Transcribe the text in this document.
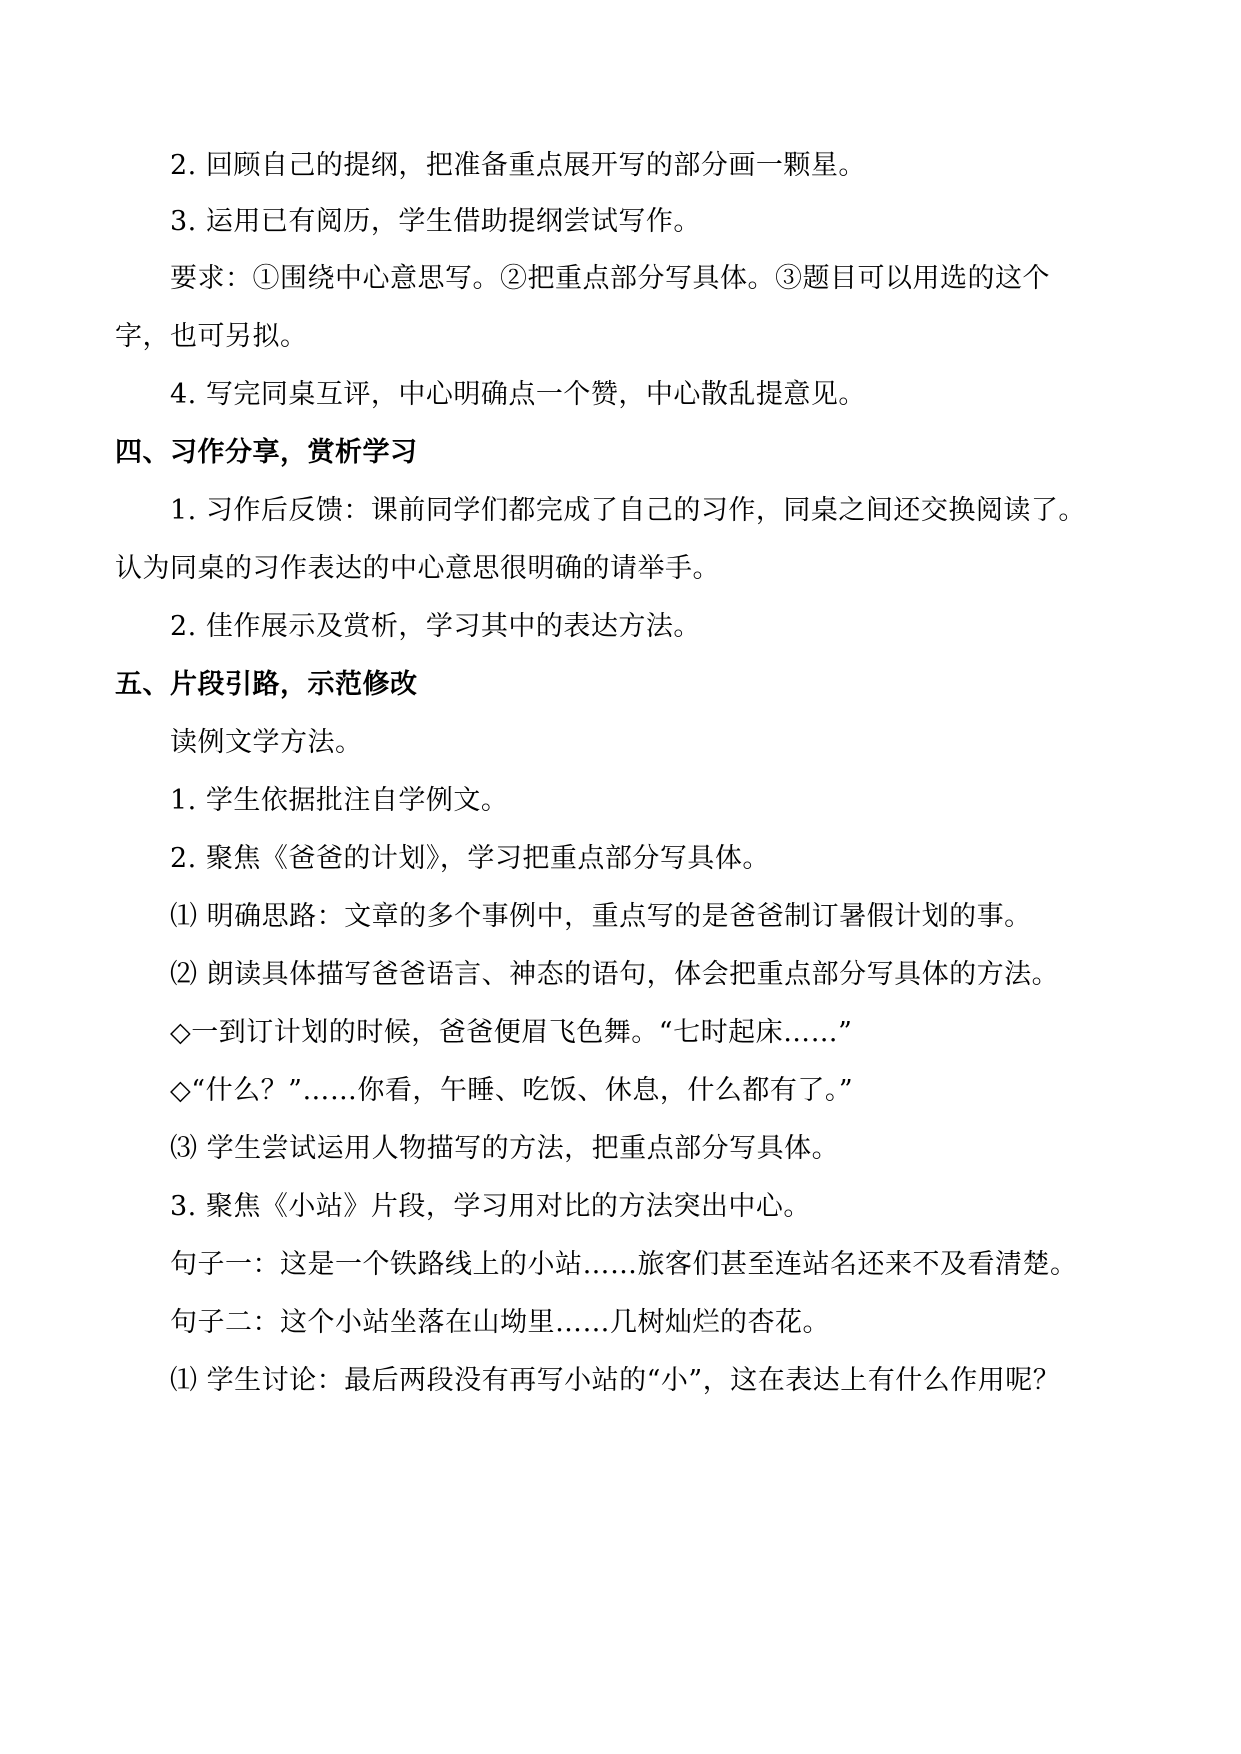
2. 回顾自己的提纲，把准备重点展开写的部分画一颗星。
3. 运用已有阅历，学生借助提纲尝试写作。
要求：①围绕中心意思写。②把重点部分写具体。③题目可以用选的这个
字，也可另拟。
4. 写完同桌互评，中心明确点一个赞，中心散乱提意见。
四、习作分享，赏析学习
1. 习作后反馈：课前同学们都完成了自己的习作，同桌之间还交换阅读了。
认为同桌的习作表达的中心意思很明确的请举手。
2. 佳作展示及赏析，学习其中的表达方法。
五、片段引路，示范修改
读例文学方法。
1. 学生依据批注自学例文。
2. 聚焦《爸爸的计划》，学习把重点部分写具体。
⑴ 明确思路：文章的多个事例中，重点写的是爸爸制订暑假计划的事。
⑵ 朗读具体描写爸爸语言、神态的语句，体会把重点部分写具体的方法。
◇一到订计划的时候，爸爸便眉飞色舞。“七时起床……”
◇“什么？”……你看，午睡、吃饭、休息，什么都有了。”
⑶ 学生尝试运用人物描写的方法，把重点部分写具体。
3. 聚焦《小站》片段，学习用对比的方法突出中心。
句子一：这是一个铁路线上的小站……旅客们甚至连站名还来不及看清楚。
句子二：这个小站坐落在山坳里……几树灿烂的杏花。
⑴ 学生讨论：最后两段没有再写小站的“小”，这在表达上有什么作用呢？
